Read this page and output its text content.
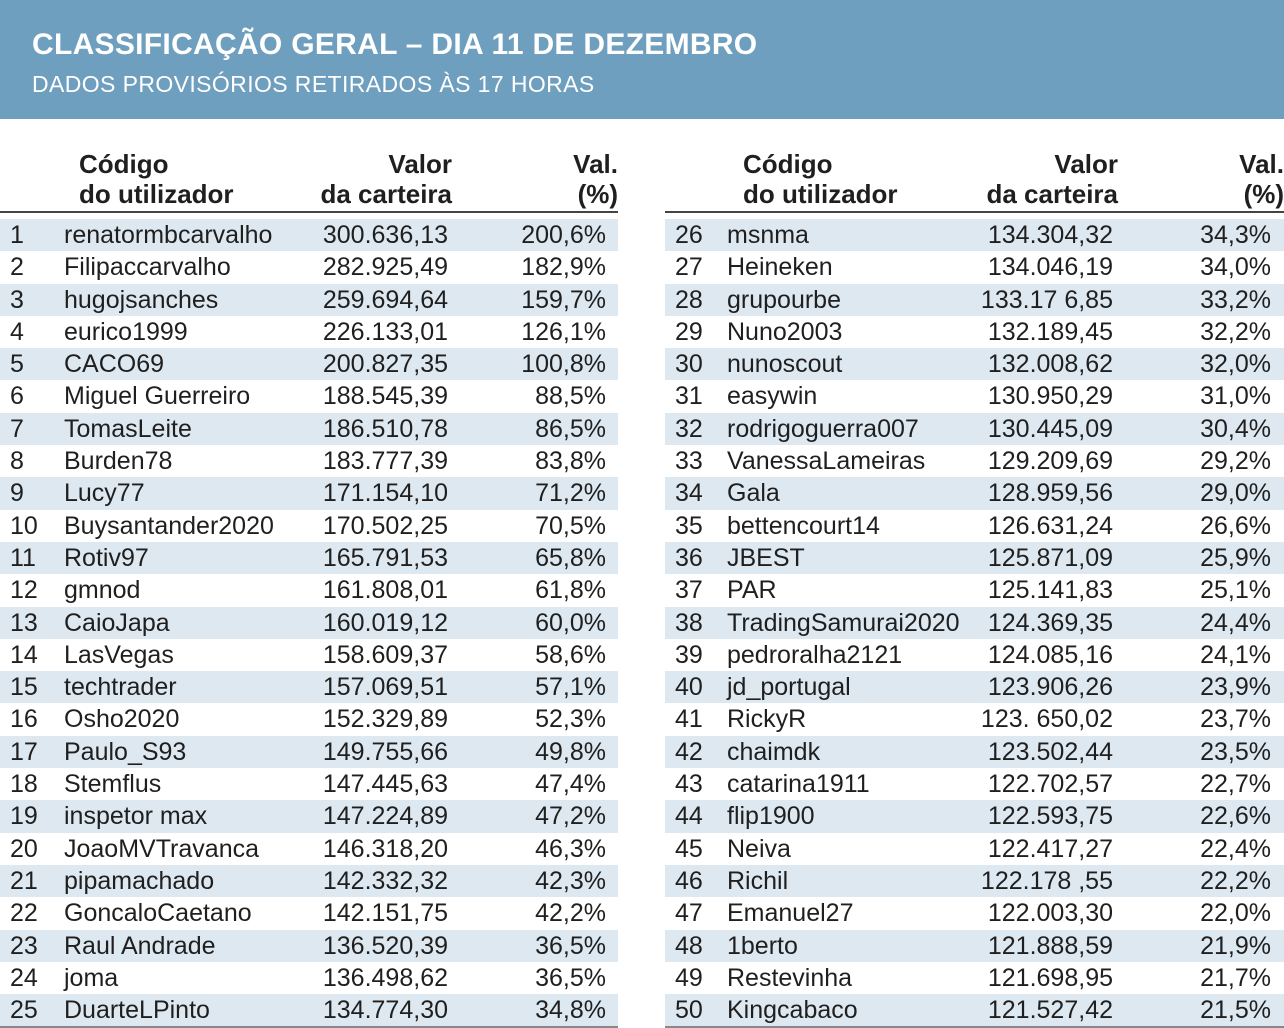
CLASSIFICAÇÃO GERAL – DIA 11 DE DEZEMBRO
DADOS PROVISÓRIOS RETIRADOS ÀS 17 HORAS
Código
do utilizador
Valor
da carteira
Val.
(%)
1 renatormbcarvalho 300.636,13	200,6%
2 Filipaccarvalho	282.925,49	182,9%
3 hugojsanches	259.694,64	159,7%
4 eurico1999	226.133,01	126,1%
5 CACO69	200.827,35	100,8%
6 Miguel Guerreiro	188.545,39	88,5%
7 TomasLeite	186.510,78	86,5%
8 Burden78	183.777,39	83,8%
9 Lucy77	171.154,10	71,2%
10 Buysantander2020 170.502,25	70,5%
11 Rotiv97	165.791,53	65,8%
12 gmnod	161.808,01	61,8%
13 CaioJapa	160.019,12	60,0%
14 LasVegas	158.609,37	58,6%
15 techtrader	157.069,51	57,1%
16 Osho2020	152.329,89	52,3%
17 Paulo_S93	149.755,66	49,8%
18 Stemflus	147.445,63	47,4%
19 inspetor max	147.224,89	47,2%
20 JoaoMVTravanca	146.318,20	46,3%
21 pipamachado	142.332,32	42,3%
22 GoncaloCaetano	142.151,75	42,2%
23 Raul Andrade	136.520,39	36,5%
24 joma	136.498,62	36,5%
25 DuarteLPinto	134.774,30	34,8%
Código
do utilizador
Valor
da carteira
Val.
(%)
26 msnma	134.304,32	34,3%
27 Heineken	134.046,19	34,0%
28 grupourbe	133.17 6,85	33,2%
29 Nuno2003	132.189,45	32,2%
30 nunoscout	132.008,62	32,0%
31 easywin	130.950,29	31,0%
32 rodrigoguerra007	130.445,09	30,4%
33 VanessaLameiras	129.209,69	29,2%
34 Gala	128.959,56	29,0%
35 bettencourt14	126.631,24	26,6%
36 JBEST	125.871,09	25,9%
37 PAR	125.141,83	25,1%
38 TradingSamurai2020 124.369,35	24,4%
39 pedroralha2121	124.085,16	24,1%
40 jd_portugal	123.906,26	23,9%
41 RickyR	123. 650,02	23,7%
42 chaimdk	123.502,44	23,5%
43 catarina1911	122.702,57	22,7%
44 flip1900	122.593,75	22,6%
45 Neiva	122.417,27	22,4%
46 Richil	122.178 ,55	22,2%
47 Emanuel27	122.003,30	22,0%
48 1berto	121.888,59	21,9%
49 Restevinha	121.698,95	21,7%
50 Kingcabaco	121.527,42	21,5%
